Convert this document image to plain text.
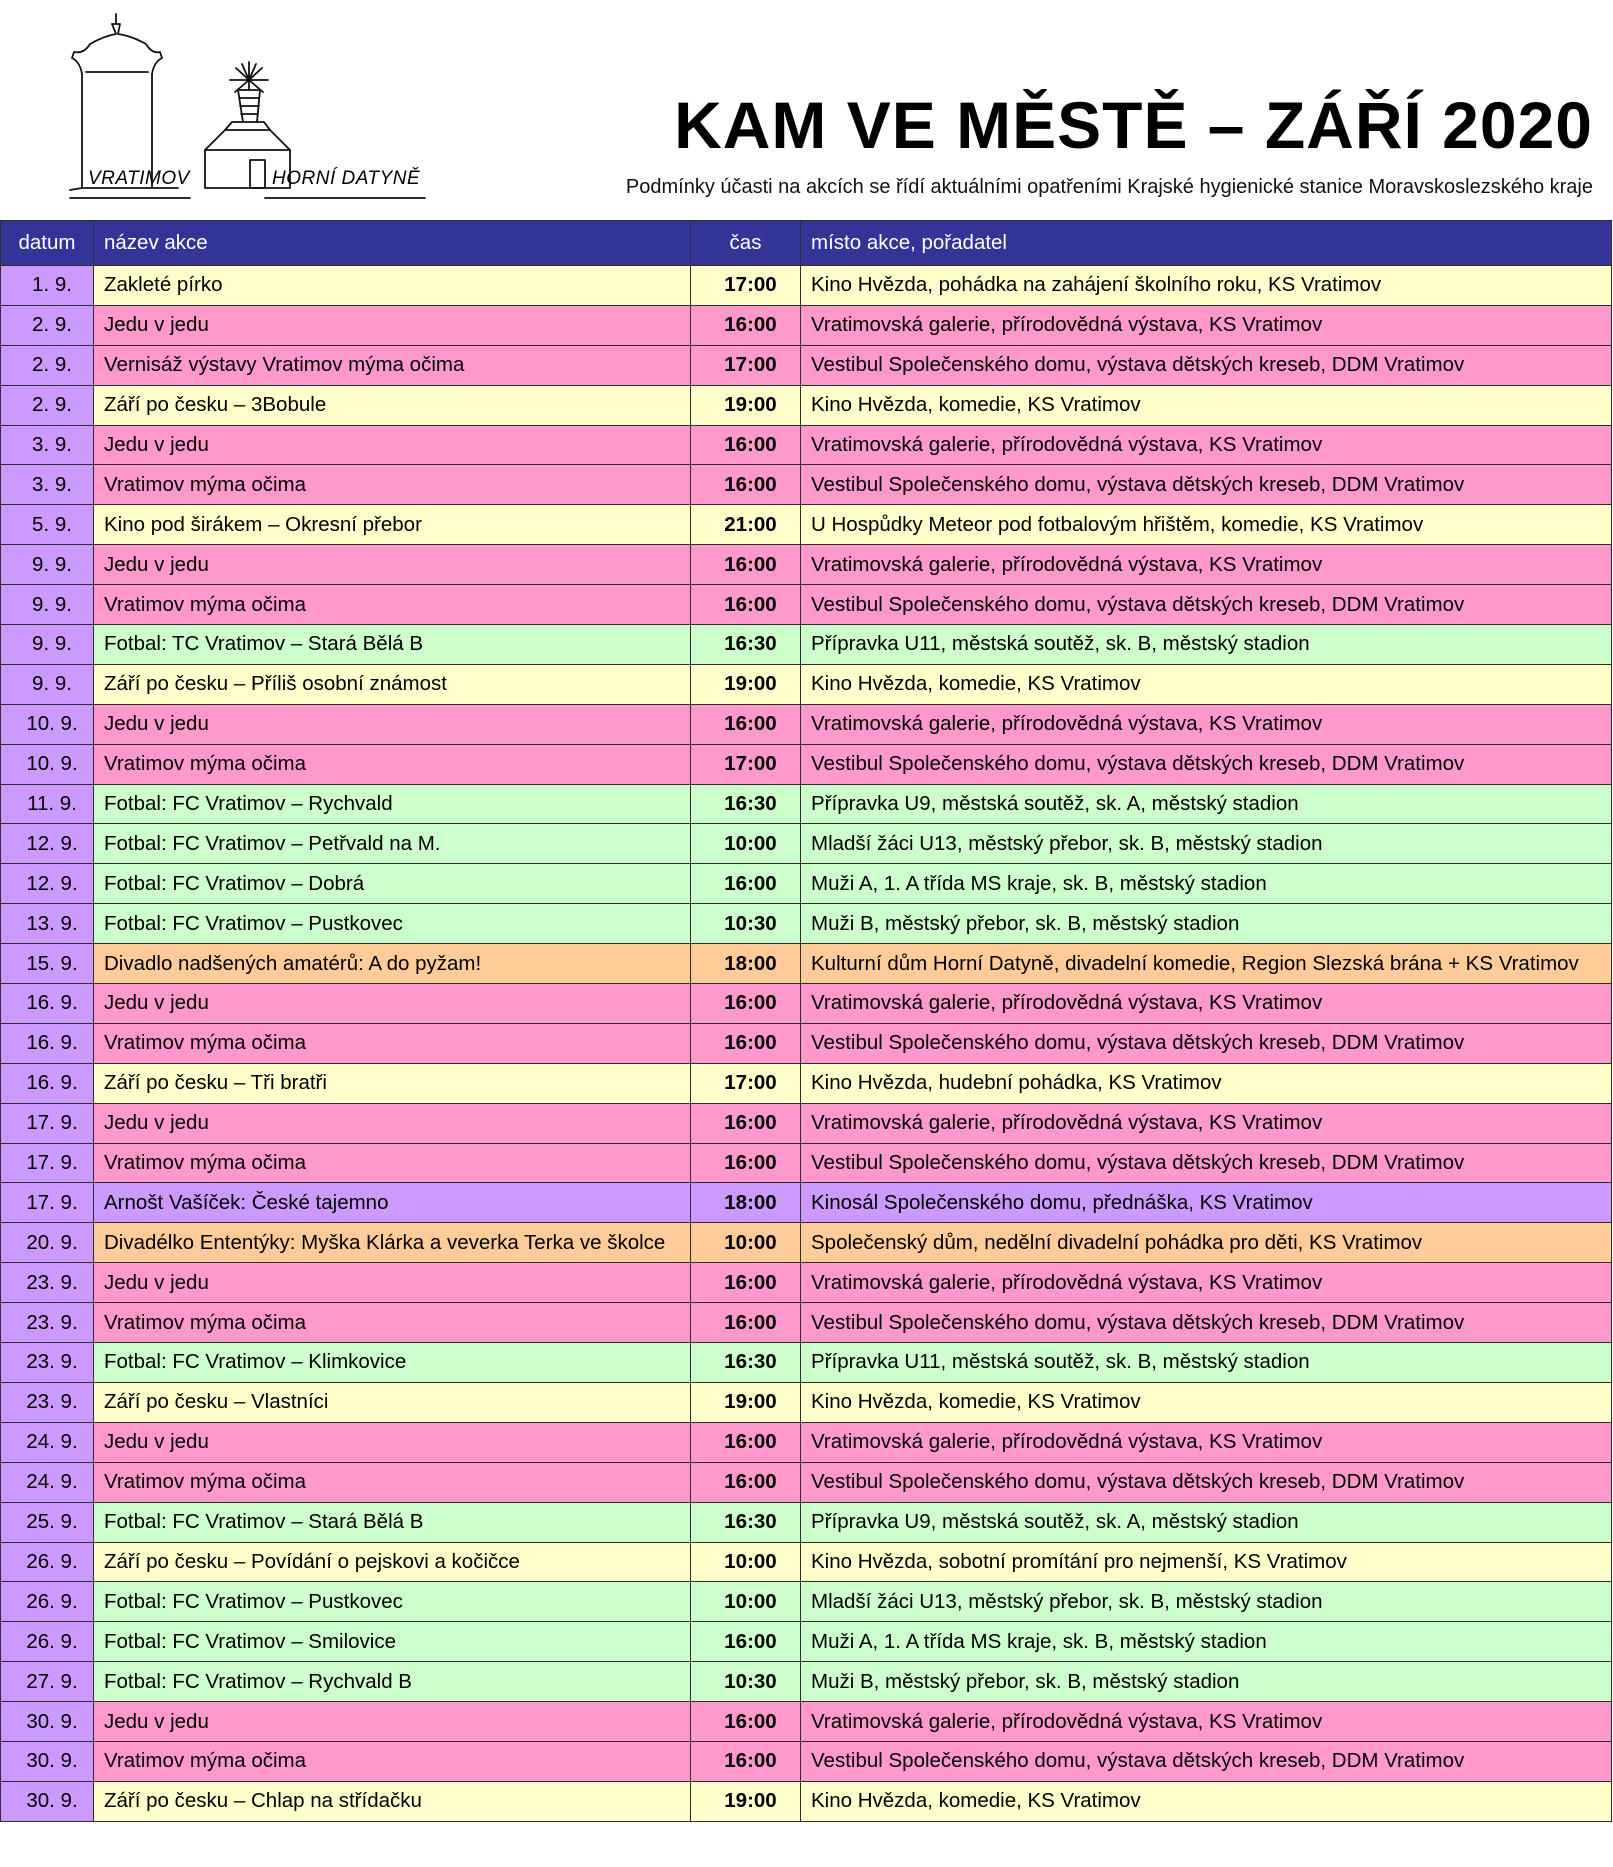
VRATIMOV	HORNÍ DATYNĚ
KAM VE MĚSTĚ – ZÁŘÍ 2020
Podmínky účasti na akcích se řídí aktuálními opatřeními Krajské hygienické stanice Moravskoslezského kraje
datum	název akce	čas	místo akce, pořadatel
1. 9.	Zakleté pírko	17:00	Kino Hvězda, pohádka na zahájení školního roku, KS Vratimov
2. 9.	Jedu v jedu	16:00	Vratimovská galerie, přírodovědná výstava, KS Vratimov
2. 9.	Vernisáž výstavy Vratimov mýma očima	17:00	Vestibul Společenského domu, výstava dětských kreseb, DDM Vratimov
2. 9.	Září po česku – 3Bobule	19:00	Kino Hvězda, komedie, KS Vratimov
3. 9.	Jedu v jedu	16:00	Vratimovská galerie, přírodovědná výstava, KS Vratimov
3. 9.	Vratimov mýma očima	16:00	Vestibul Společenského domu, výstava dětských kreseb, DDM Vratimov
5. 9.	Kino pod širákem – Okresní přebor	21:00	U Hospůdky Meteor pod fotbalovým hřištěm, komedie, KS Vratimov
9. 9.	Jedu v jedu	16:00	Vratimovská galerie, přírodovědná výstava, KS Vratimov
9. 9.	Vratimov mýma očima	16:00	Vestibul Společenského domu, výstava dětských kreseb, DDM Vratimov
9. 9.	Fotbal: TC Vratimov – Stará Bělá B	16:30	Přípravka U11, městská soutěž, sk. B, městský stadion
9. 9.	Září po česku – Příliš osobní známost	19:00	Kino Hvězda, komedie, KS Vratimov
10. 9.	Jedu v jedu	16:00	Vratimovská galerie, přírodovědná výstava, KS Vratimov
10. 9.	Vratimov mýma očima	17:00	Vestibul Společenského domu, výstava dětských kreseb, DDM Vratimov
11. 9.	Fotbal: FC Vratimov – Rychvald	16:30	Přípravka U9, městská soutěž, sk. A, městský stadion
12. 9.	Fotbal: FC Vratimov – Petřvald na M.	10:00	Mladší žáci U13, městský přebor, sk. B, městský stadion
12. 9.	Fotbal: FC Vratimov – Dobrá	16:00	Muži A, 1. A třída MS kraje, sk. B, městský stadion
13. 9.	Fotbal: FC Vratimov – Pustkovec	10:30	Muži B, městský přebor, sk. B, městský stadion
15. 9.	Divadlo nadšených amatérů: A do pyžam!	18:00	Kulturní dům Horní Datyně, divadelní komedie, Region Slezská brána + KS Vratimov
16. 9.	Jedu v jedu	16:00	Vratimovská galerie, přírodovědná výstava, KS Vratimov
16. 9.	Vratimov mýma očima	16:00	Vestibul Společenského domu, výstava dětských kreseb, DDM Vratimov
16. 9.	Září po česku – Tři bratři	17:00	Kino Hvězda, hudební pohádka, KS Vratimov
17. 9.	Jedu v jedu	16:00	Vratimovská galerie, přírodovědná výstava, KS Vratimov
17. 9.	Vratimov mýma očima	16:00	Vestibul Společenského domu, výstava dětských kreseb, DDM Vratimov
17. 9.	Arnošt Vašíček: České tajemno	18:00	Kinosál Společenského domu, přednáška, KS Vratimov
20. 9.	Divadélko Ententýky: Myška Klárka a veverka Terka ve školce	10:00	Společenský dům, nedělní divadelní pohádka pro děti, KS Vratimov
23. 9.	Jedu v jedu	16:00	Vratimovská galerie, přírodovědná výstava, KS Vratimov
23. 9.	Vratimov mýma očima	16:00	Vestibul Společenského domu, výstava dětských kreseb, DDM Vratimov
23. 9.	Fotbal: FC Vratimov – Klimkovice	16:30	Přípravka U11, městská soutěž, sk. B, městský stadion
23. 9.	Září po česku – Vlastníci	19:00	Kino Hvězda, komedie, KS Vratimov
24. 9.	Jedu v jedu	16:00	Vratimovská galerie, přírodovědná výstava, KS Vratimov
24. 9.	Vratimov mýma očima	16:00	Vestibul Společenského domu, výstava dětských kreseb, DDM Vratimov
25. 9.	Fotbal: FC Vratimov – Stará Bělá B	16:30	Přípravka U9, městská soutěž, sk. A, městský stadion
26. 9.	Září po česku – Povídání o pejskovi a kočičce	10:00	Kino Hvězda, sobotní promítání pro nejmenší, KS Vratimov
26. 9.	Fotbal: FC Vratimov – Pustkovec	10:00	Mladší žáci U13, městský přebor, sk. B, městský stadion
26. 9.	Fotbal: FC Vratimov – Smilovice	16:00	Muži A, 1. A třída MS kraje, sk. B, městský stadion
27. 9.	Fotbal: FC Vratimov – Rychvald B	10:30	Muži B, městský přebor, sk. B, městský stadion
30. 9.	Jedu v jedu	16:00	Vratimovská galerie, přírodovědná výstava, KS Vratimov
30. 9.	Vratimov mýma očima	16:00	Vestibul Společenského domu, výstava dětských kreseb, DDM Vratimov
30. 9.	Září po česku – Chlap na střídačku	19:00	Kino Hvězda, komedie, KS Vratimov
